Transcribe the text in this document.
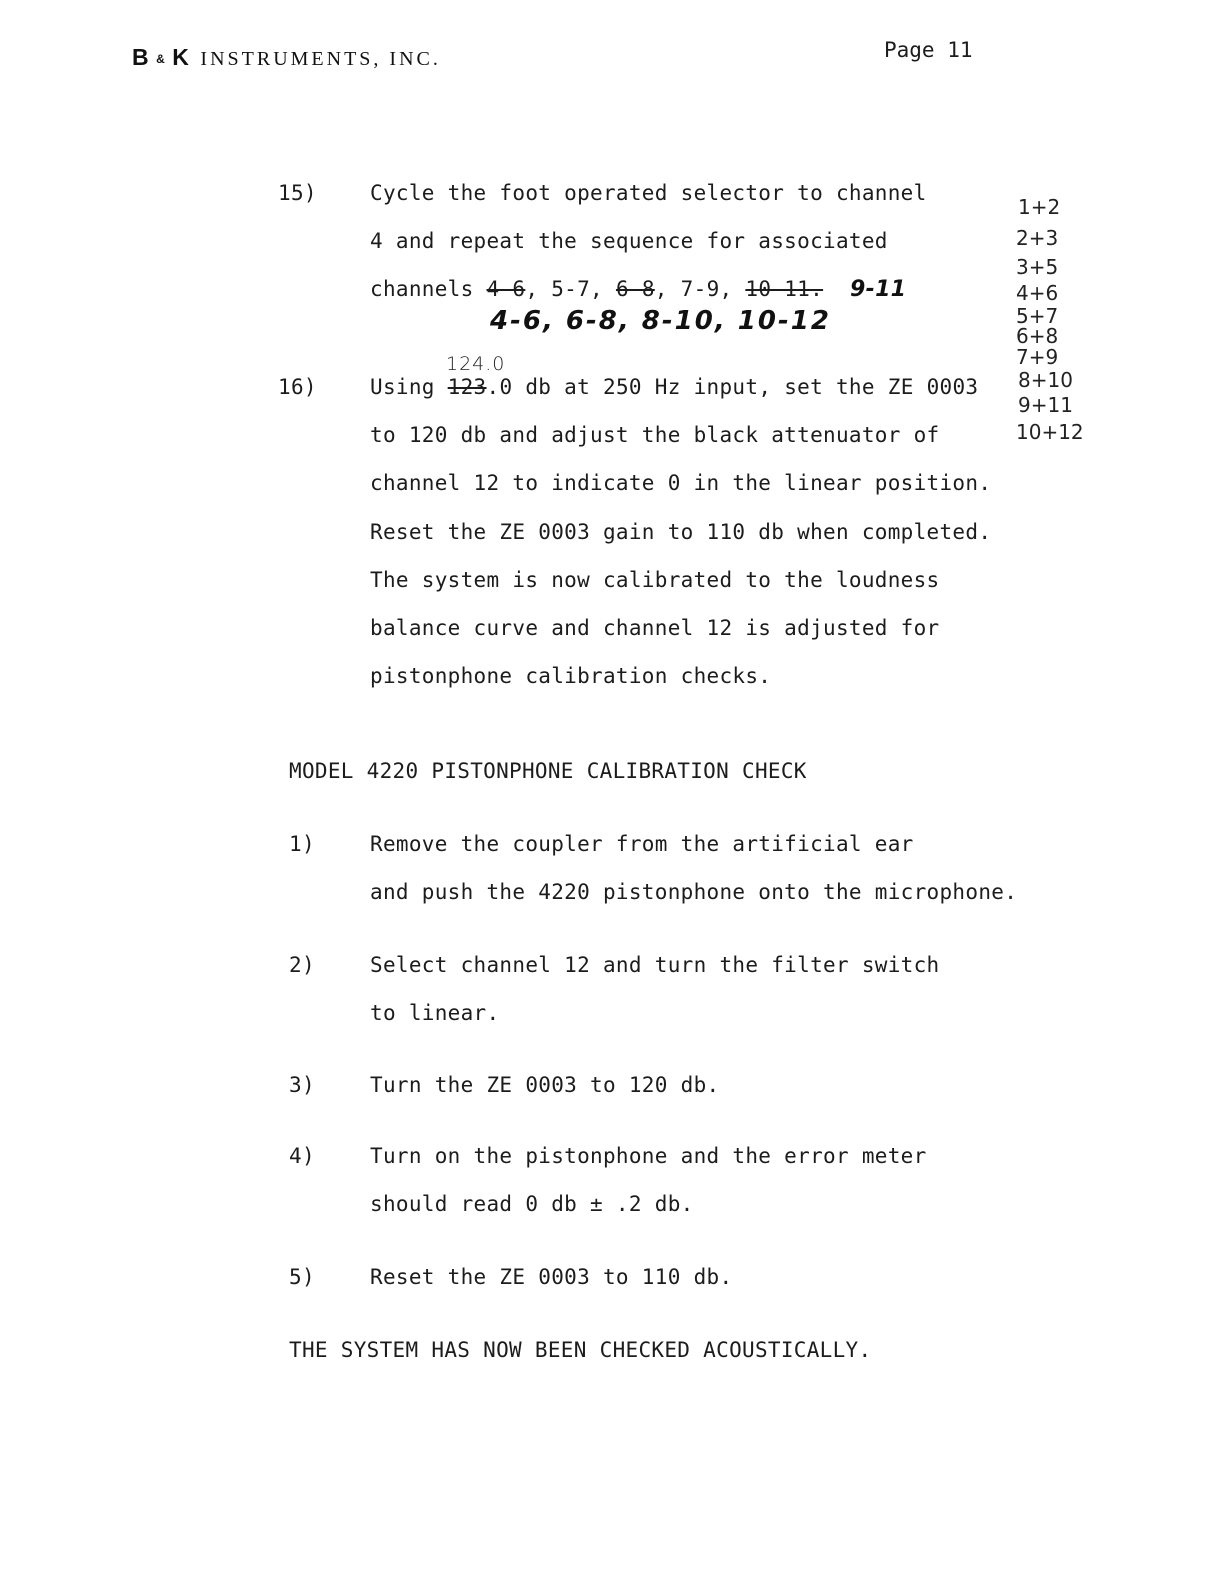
B & K INSTRUMENTS, INC.	Page 11
15)	Cycle the foot operated selector to channel
4 and repeat the sequence for associated
channels 4-6, 5-7, 6-8, 7-9, 10-11. 9-11
4-6, 6-8, 8-10, 10-12
124.0
16)	Using 123.0 db at 250 Hz input, set the ZE 0003
to 120 db and adjust the black attenuator of
channel 12 to indicate 0 in the linear position.
Reset the ZE 0003 gain to 110 db when completed.
The system is now calibrated to the loudness
balance curve and channel 12 is adjusted for
pistonphone calibration checks.
1+2
2+3
3+5
4+6
5+7
6+8
7+9
8+10
9+11
10+12
MODEL 4220 PISTONPHONE CALIBRATION CHECK
1)	Remove the coupler from the artificial ear
and push the 4220 pistonphone onto the microphone.
2)	Select channel 12 and turn the filter switch
to linear.
3)	Turn the ZE 0003 to 120 db.
4)	Turn on the pistonphone and the error meter
should read 0 db ± .2 db.
5)	Reset the ZE 0003 to 110 db.
THE SYSTEM HAS NOW BEEN CHECKED ACOUSTICALLY.
